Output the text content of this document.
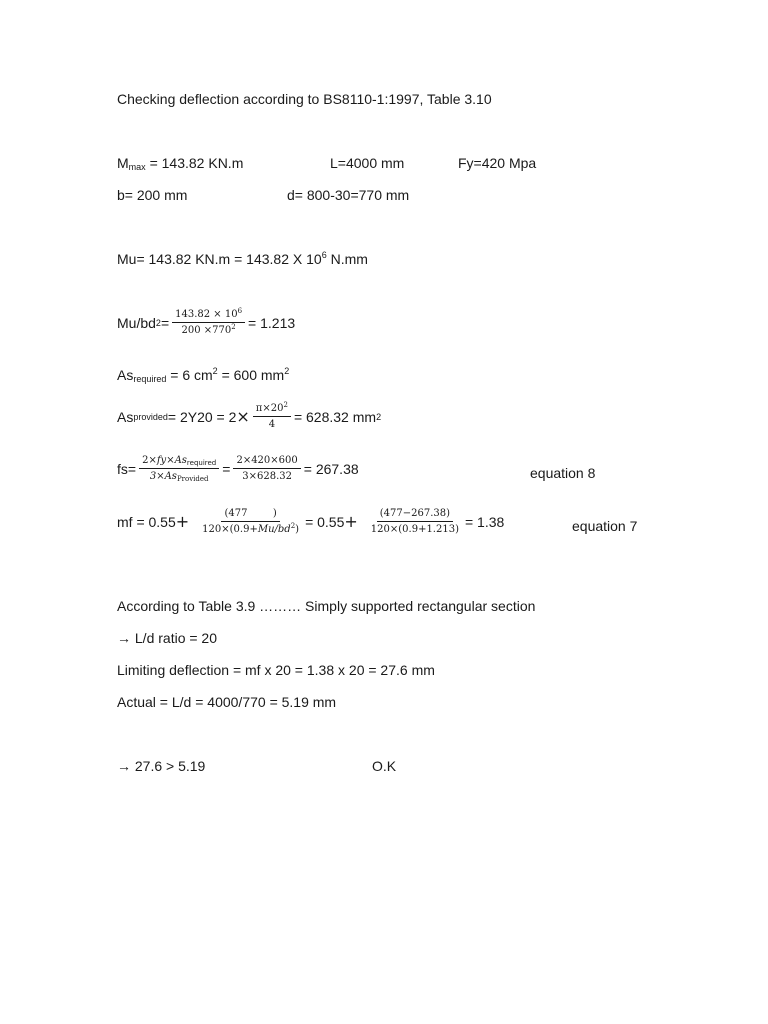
Checking deflection according to BS8110-1:1997, Table 3.10
$M_{max} = 143.82$ KN.m	L=4000 mm	Fy=420 Mpa
b= 200 mm	d= 800-30=770 mm
Mu= 143.82 KN.m = 143.82 X $10^6$ N.mm
Mu/bd $2 = \frac{143.82 \times 10^6}{200 \times 770^2} = 1.213$
$As_{required} = 6$ $cm^2 = 600$ $mm^2$
As provided = $2Y20 = 2 \times \frac{\pi\times 20^2}{4} = 628.32$ mm 2
$fs= \frac{2\times fy\times As_{required}}{3\times As_{Provided}} = \frac{2\times 420\times 600}{3\times 628.32} = 267.38$	equation 8
mf = $0.55 + \frac{(477 )}{120\times(0.9+Mu/bd^2)} = 0.55 + \frac{(477-267.38)}{120\times(0.9+1.213)} = 1.38$	equation 7
According to Table 3.9 ……… Simply supported rectangular section
→ L/d ratio = 20
Limiting deflection = mf x 20 = 1.38 x 20 = 27.6 mm
Actual = L/d = 4000/770 = 5.19 mm
→ 27.6 > 5.19	O.K
